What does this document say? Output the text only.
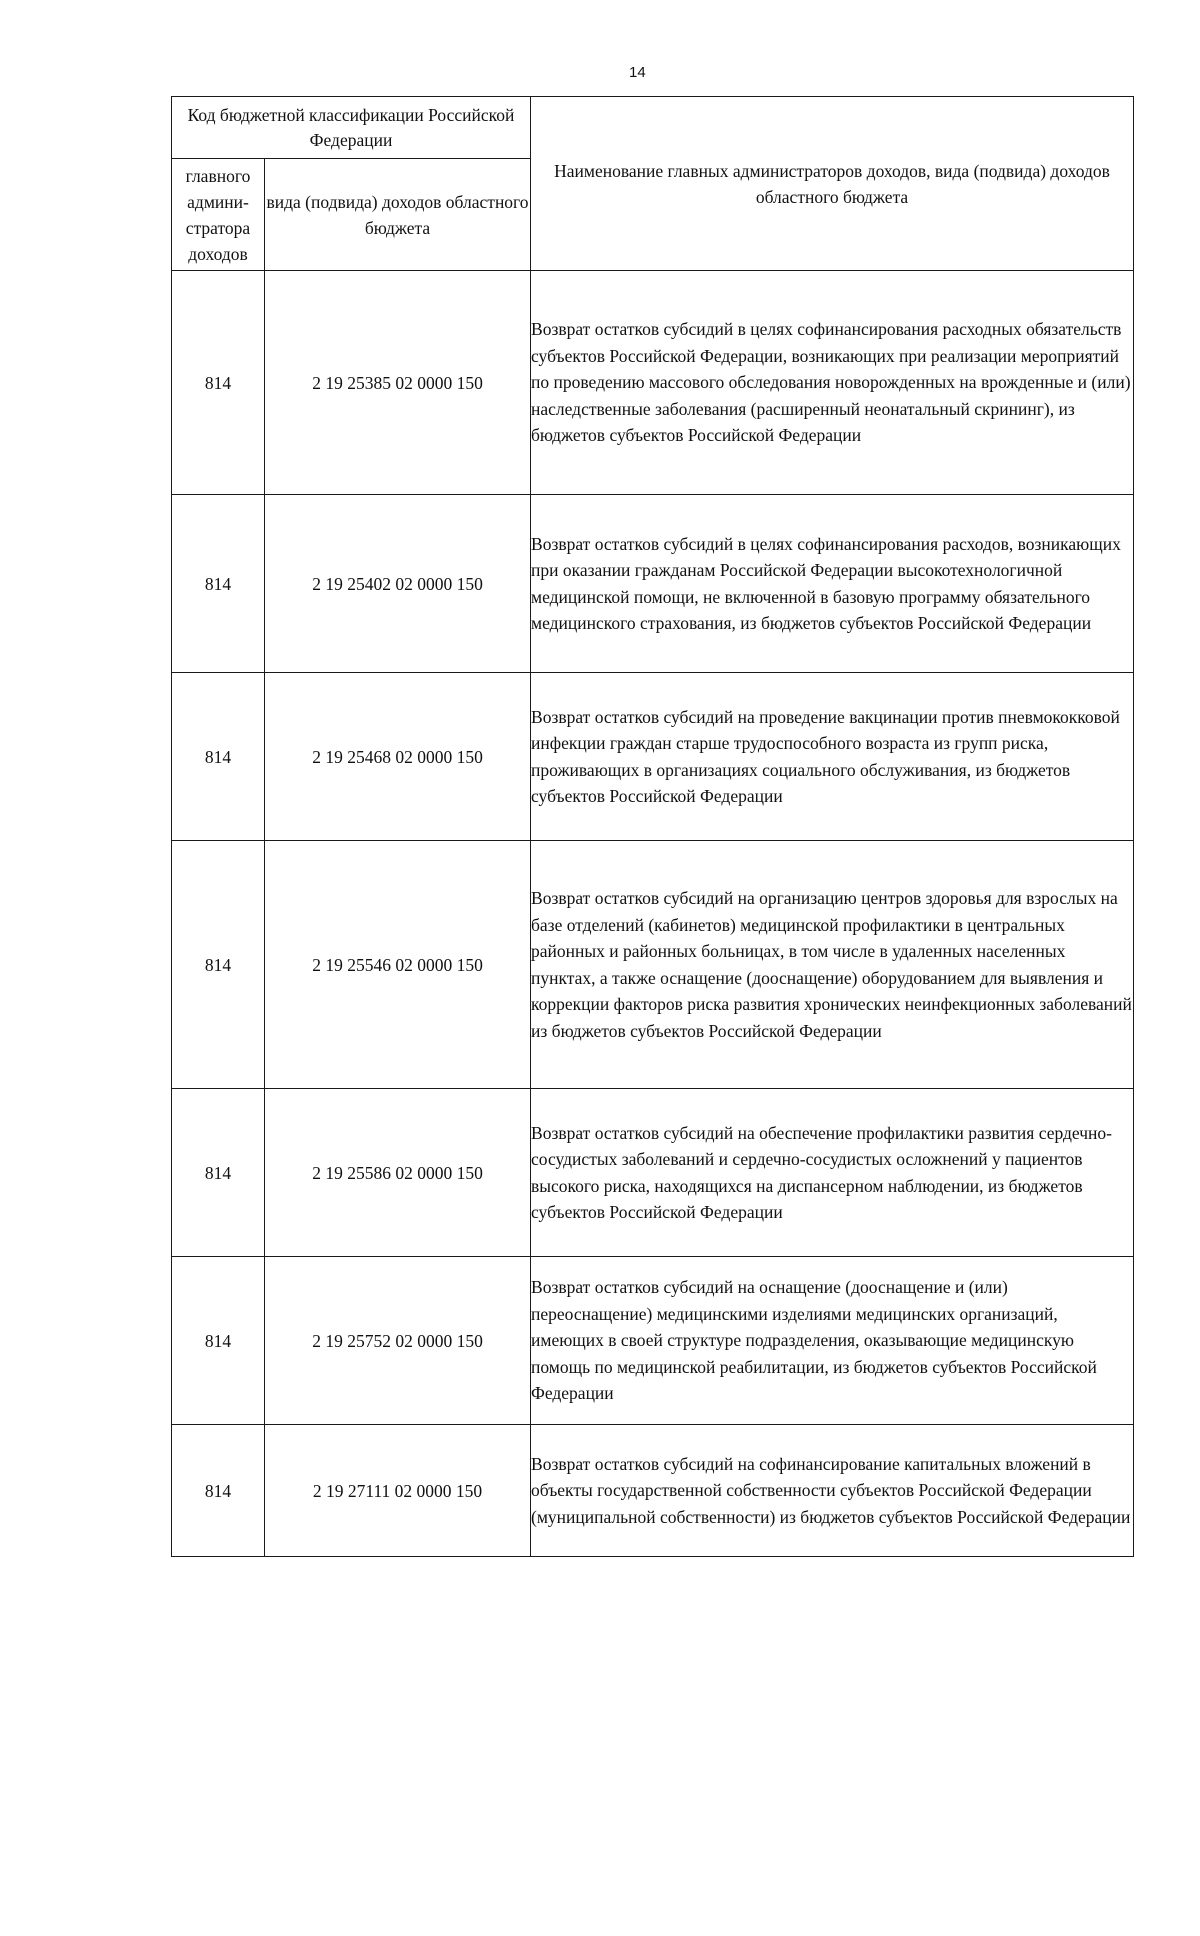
14
Код бюджетной классификации Российской Федерации		Наименование главных администраторов доходов, вида (подвида) доходов областного бюджета
главного админи-стратора доходов	вида (подвида) доходов областного бюджета	
814	2 19 25385 02 0000 150	Возврат остатков субсидий в целях софинансирования расходных обязательств субъектов Российской Федерации, возникающих при реализации мероприятий по проведению массового обследования новорожденных на врожденные и (или) наследственные заболевания (расширенный неонатальный скрининг), из бюджетов субъектов Российской Федерации
814	2 19 25402 02 0000 150	Возврат остатков субсидий в целях софинансирования расходов, возникающих при оказании гражданам Российской Федерации высокотехнологичной медицинской помощи, не включенной в базовую программу обязательного медицинского страхования, из бюджетов субъектов Российской Федерации
814	2 19 25468 02 0000 150	Возврат остатков субсидий на проведение вакцинации против пневмококковой инфекции граждан старше трудоспособного возраста из групп риска, проживающих в организациях социального обслуживания, из бюджетов субъектов Российской Федерации
814	2 19 25546 02 0000 150	Возврат остатков субсидий на организацию центров здоровья для взрослых на базе отделений (кабинетов) медицинской профилактики в центральных районных и районных больницах, в том числе в удаленных населенных пунктах, а также оснащение (дооснащение) оборудованием для выявления и коррекции факторов риска развития хронических неинфекционных заболеваний из бюджетов субъектов Российской Федерации
814	2 19 25586 02 0000 150	Возврат остатков субсидий на обеспечение профилактики развития сердечно-сосудистых заболеваний и сердечно-сосудистых осложнений у пациентов высокого риска, находящихся на диспансерном наблюдении, из бюджетов субъектов Российской Федерации
814	2 19 25752 02 0000 150	Возврат остатков субсидий на оснащение (дооснащение и (или) переоснащение) медицинскими изделиями медицинских организаций, имеющих в своей структуре подразделения, оказывающие медицинскую помощь по медицинской реабилитации, из бюджетов субъектов Российской Федерации
814	2 19 27111 02 0000 150	Возврат остатков субсидий на софинансирование капитальных вложений в объекты государственной собственности субъектов Российской Федерации (муниципальной собственности) из бюджетов субъектов Российской Федерации
